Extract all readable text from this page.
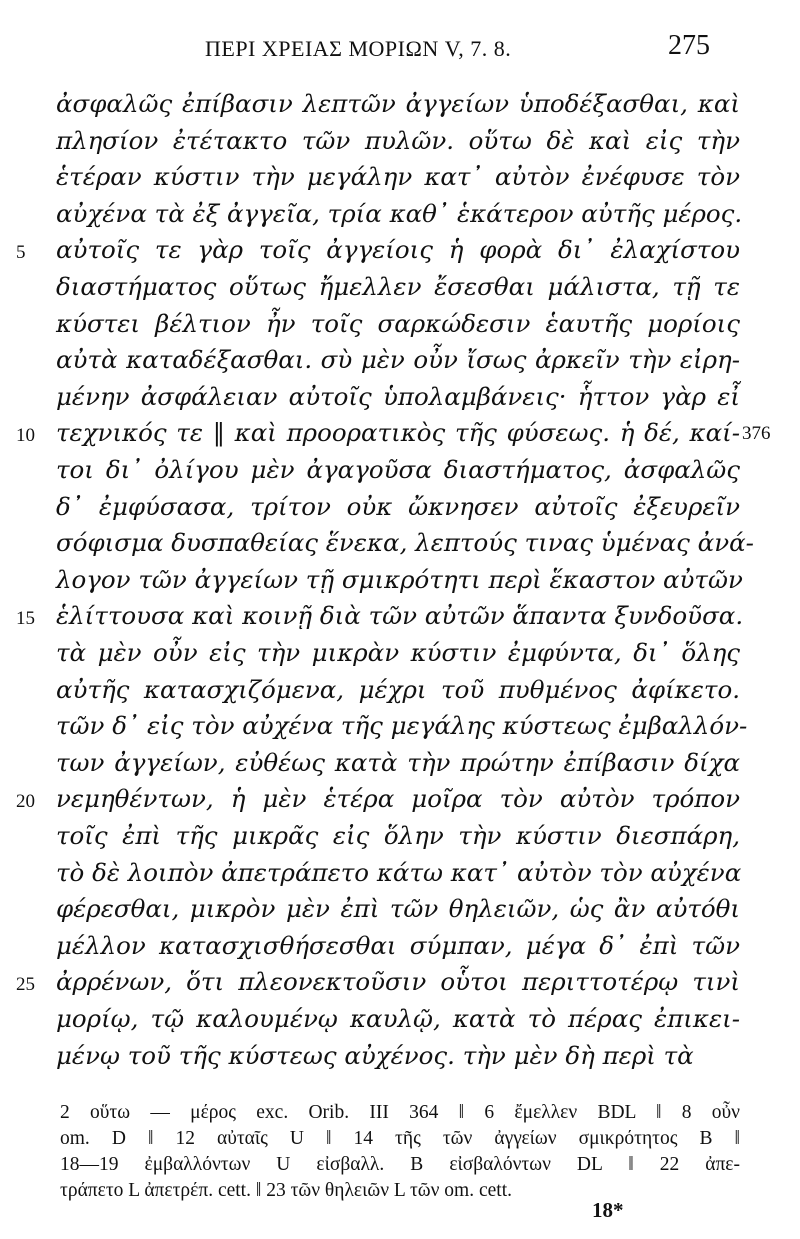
ΠΕΡΙ ΧΡΕΙΑΣ ΜΟΡΙΩΝ V, 7. 8.	275
ἀσφαλῶς ἐπίβασιν λεπτῶν ἀγγείων ὑποδέξασθαι, καὶ
πλησίον ἐτέτακτο τῶν πυλῶν. οὕτω δὲ καὶ εἰς τὴν
ἑτέραν κύστιν τὴν μεγάλην κατ᾽ αὐτὸν ἐνέφυσε τὸν
αὐχένα τὰ ἐξ ἀγγεῖα, τρία καθ᾽ ἑκάτερον αὐτῆς μέρος.
5	αὐτοῖς τε γὰρ τοῖς ἀγγείοις ἡ φορὰ δι᾽ ἐλαχίστου
διαστήματος οὕτως ἤμελλεν ἔσεσθαι μάλιστα, τῇ τε
κύστει βέλτιον ἦν τοῖς σαρκώδεσιν ἑαυτῆς μορίοις
αὐτὰ καταδέξασθαι. σὺ μὲν οὖν ἴσως ἀρκεῖν τὴν εἰρη-
μένην ἀσφάλειαν αὐτοῖς ὑπολαμβάνεις· ἧττον γὰρ εἶ
10 τεχνικός τε ‖ καὶ προορατικὸς τῆς φύσεως. ἡ δέ, καί- 376
τοι δι᾽ ὀλίγου μὲν ἀγαγοῦσα διαστήματος, ἀσφαλῶς
δ᾽ ἐμφύσασα, τρίτον οὐκ ὤκνησεν αὐτοῖς ἐξευρεῖν
σόφισμα δυσπαθείας ἕνεκα, λεπτούς τινας ὑμένας ἀνά-
λογον τῶν ἀγγείων τῇ σμικρότητι περὶ ἕκαστον αὐτῶν
15 ἑλίττουσα καὶ κοινῇ διὰ τῶν αὐτῶν ἅπαντα ξυνδοῦσα.
τὰ μὲν οὖν εἰς τὴν μικρὰν κύστιν ἐμφύντα, δι᾽ ὅλης
αὐτῆς κατασχιζόμενα, μέχρι τοῦ πυθμένος ἀφίκετο.
τῶν δ᾽ εἰς τὸν αὐχένα τῆς μεγάλης κύστεως ἐμβαλλόν-
των ἀγγείων, εὐθέως κατὰ τὴν πρώτην ἐπίβασιν δίχα
20 νεμηθέντων, ἡ μὲν ἑτέρα μοῖρα τὸν αὐτὸν τρόπον
τοῖς ἐπὶ τῆς μικρᾶς εἰς ὅλην τὴν κύστιν διεσπάρη,
τὸ δὲ λοιπὸν ἀπετράπετο κάτω κατ᾽ αὐτὸν τὸν αὐχένα
φέρεσθαι, μικρὸν μὲν ἐπὶ τῶν θηλειῶν, ὡς ἂν αὐτόθι
μέλλον κατασχισθήσεσθαι σύμπαν, μέγα δ᾽ ἐπὶ τῶν
25 ἀρρένων, ὅτι πλεονεκτοῦσιν οὗτοι περιττοτέρῳ τινὶ
μορίῳ, τῷ καλουμένῳ καυλῷ, κατὰ τὸ πέρας ἐπικει-
μένῳ τοῦ τῆς κύστεως αὐχένος. τὴν μὲν δὴ περὶ τὰ
2 οὕτω — μέρος exc. Orib. III 364 ‖ 6 ἔμελλεν BDL ‖ 8 οὖν
om. D ‖ 12 αὐταῖς U ‖ 14 τῆς τῶν ἀγγείων σμικρότητος B ‖
18—19 ἐμβαλλόντων U εἰσβαλλ. B εἰσβαλόντων DL ‖ 22 ἀπε-
τράπετο L ἀπετρέπ. cett. ‖ 23 τῶν θηλειῶν L τῶν om. cett.
18*
